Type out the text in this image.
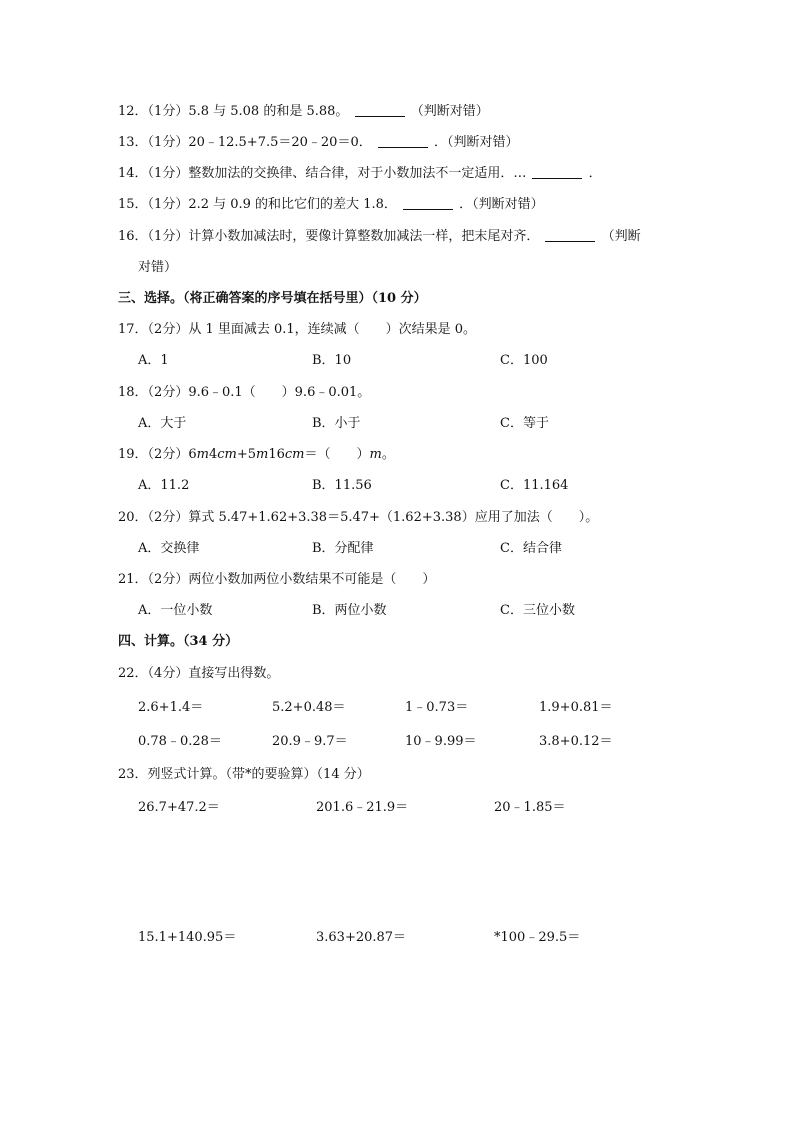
12．（1分）5.8 与 5.08 的和是 5.88。	（判断对错）
13．（1分）20﹣12.5+7.5＝20﹣20＝0．	．（判断对错）
14．（1分）整数加法的交换律、结合律，对于小数加法不一定适用．…	．
15．（1分）2.2 与 0.9 的和比它们的差大 1.8．	．（判断对错）
16．（1分）计算小数加减法时，要像计算整数加减法一样，把末尾对齐．	（判断
对错）
三、选择。（将正确答案的序号填在括号里）（10 分）
17．（2分）从 1 里面减去 0.1，连续减（　　）次结果是 0。
A．1	B．10	C．100
18．（2分）9.6﹣0.1（　　）9.6﹣0.01。
A．大于	B．小于	C．等于
19．（2分）6m4cm+5m16cm＝（　　）m。
A．11.2	B．11.56	C．11.164
20．（2分）算式 5.47+1.62+3.38＝5.47+（1.62+3.38）应用了加法（　　）。
A．交换律	B．分配律	C．结合律
21．（2分）两位小数加两位小数结果不可能是（　　）
A．一位小数	B．两位小数	C．三位小数
四、计算。（34 分）
22．（4分）直接写出得数。
2.6+1.4＝	5.2+0.48＝	1﹣0.73＝	1.9+0.81＝
0.78﹣0.28＝	20.9﹣9.7＝	10﹣9.99＝	3.8+0.12＝
23．列竖式计算。（带*的要验算）（14 分）
26.7+47.2＝	201.6﹣21.9＝	20﹣1.85＝
15.1+140.95＝	3.63+20.87＝	*100﹣29.5＝
